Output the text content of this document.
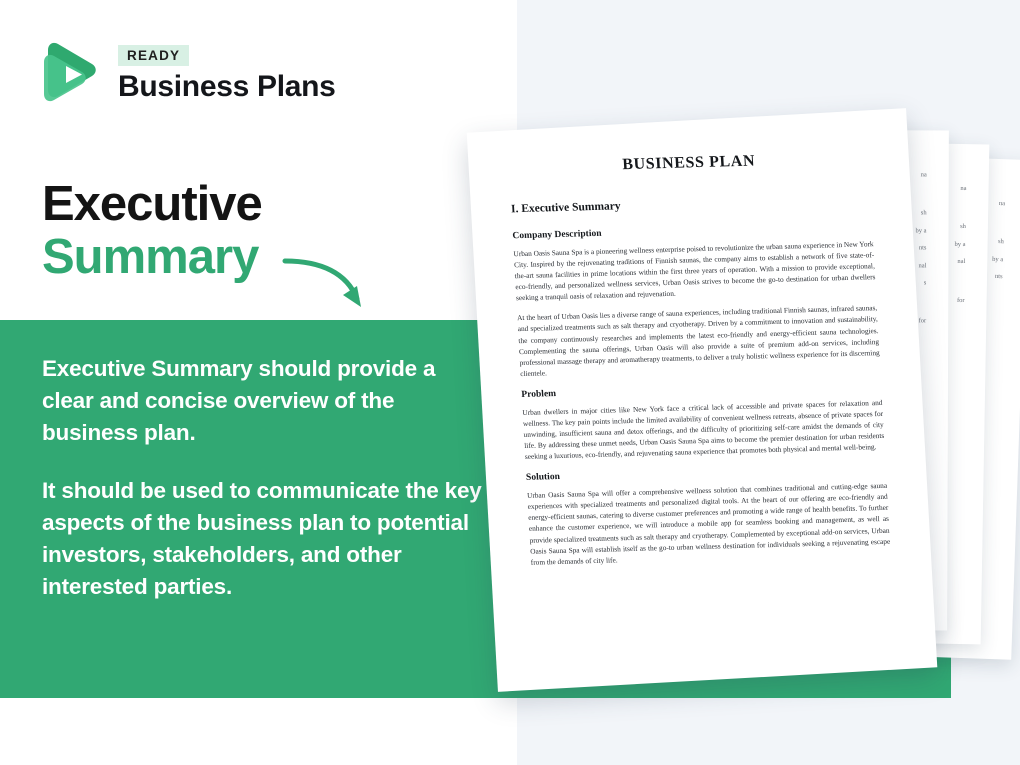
READY
Business Plans
Executive
Summary

Executive Summary should provide a clear and concise overview of the business plan.

It should be used to communicate the key aspects of the business plan to potential investors, stakeholders, and other interested parties.

na
sh
by a
nts
na
sh
by a
nal
for
na
sh
by a
nts
nal
s
for
BUSINESS PLAN
I. Executive Summary
Company Description
Urban Oasis Sauna Spa is a pioneering wellness enterprise poised to revolutionize the urban sauna experience in New York City. Inspired by the rejuvenating traditions of Finnish saunas, the company aims to establish a network of five state-of-the-art sauna facilities in prime locations within the first three years of operation. With a mission to provide exceptional, eco-friendly, and personalized wellness services, Urban Oasis strives to become the go-to destination for urban dwellers seeking a tranquil oasis of relaxation and rejuvenation.
At the heart of Urban Oasis lies a diverse range of sauna experiences, including traditional Finnish saunas, infrared saunas, and specialized treatments such as salt therapy and cryotherapy. Driven by a commitment to innovation and sustainability, the company continuously researches and implements the latest eco-friendly and energy-efficient sauna technologies. Complementing the sauna offerings, Urban Oasis will also provide a suite of premium add-on services, including professional massage therapy and aromatherapy treatments, to deliver a truly holistic wellness experience for its discerning clientele.
Problem
Urban dwellers in major cities like New York face a critical lack of accessible and private spaces for relaxation and wellness. The key pain points include the limited availability of convenient wellness retreats, absence of private spaces for unwinding, insufficient sauna and detox offerings, and the difficulty of prioritizing self-care amidst the demands of city life. By addressing these unmet needs, Urban Oasis Sauna Spa aims to become the premier destination for urban residents seeking a luxurious, eco-friendly, and rejuvenating sauna experience that promotes both physical and mental well-being.
Solution
Urban Oasis Sauna Spa will offer a comprehensive wellness solution that combines traditional and cutting-edge sauna experiences with specialized treatments and personalized digital tools. At the heart of our offering are eco-friendly and energy-efficient saunas, catering to diverse customer preferences and promoting a wide range of health benefits. To further enhance the customer experience, we will introduce a mobile app for seamless booking and management, as well as provide specialized treatments such as salt therapy and cryotherapy. Complemented by exceptional add-on services, Urban Oasis Sauna Spa will establish itself as the go-to urban wellness destination for individuals seeking a rejuvenating escape from the demands of city life.
